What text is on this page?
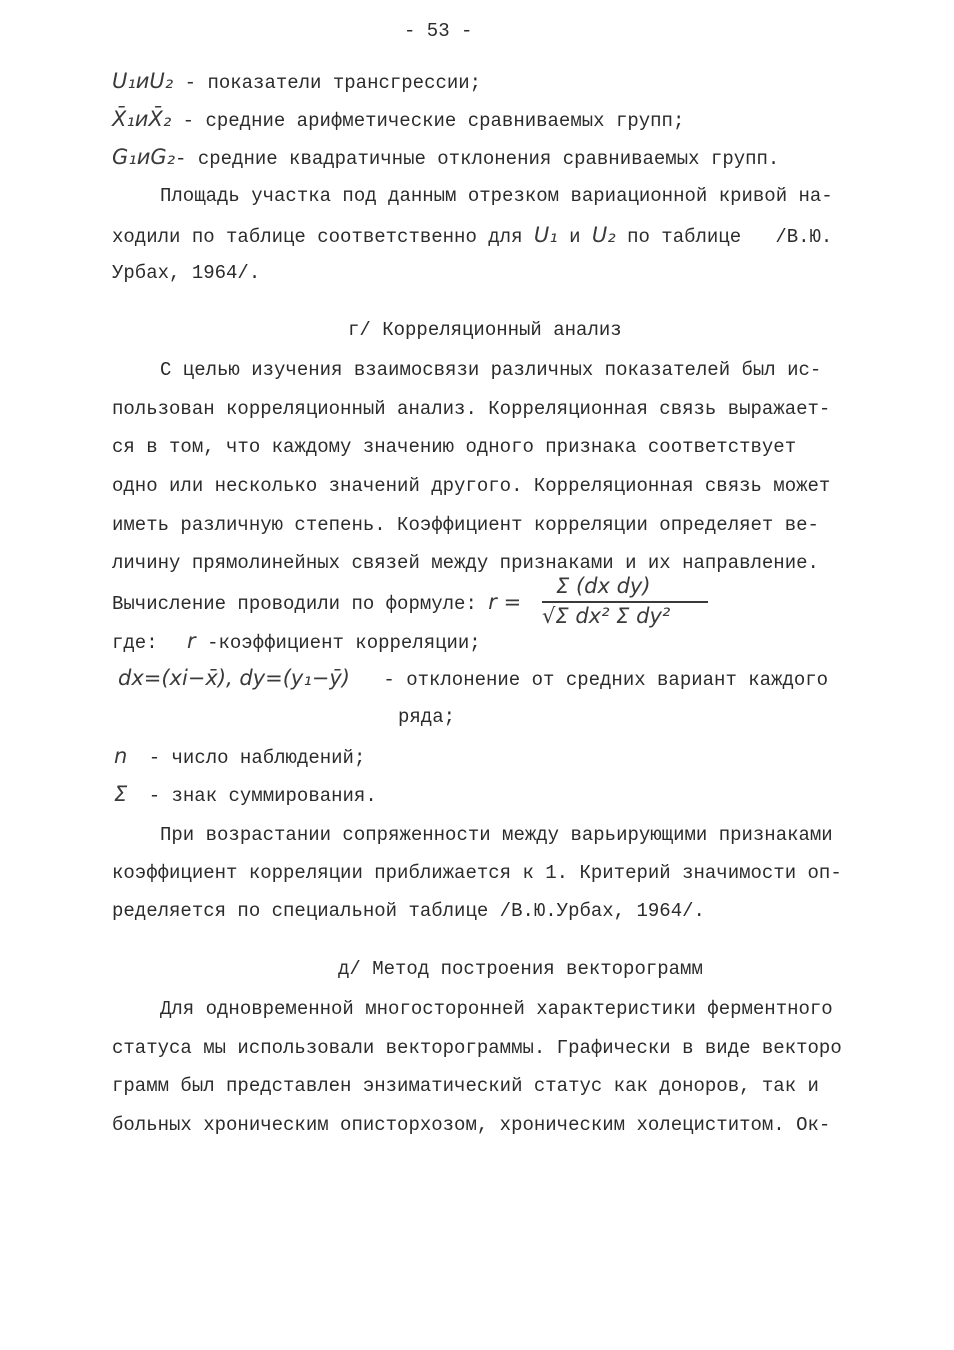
- 53 -
U₁иU₂ - показатели трансгрессии;
X̄₁иX̄₂ - средние арифметические сравниваемых групп;
G₁иG₂- средние квадратичные отклонения сравниваемых групп.
Площадь участка под данным отрезком вариационной кривой на-
ходили по таблице соответственно для U₁ и U₂ по таблице   /В.Ю.
Урбах, 1964/.
г/ Корреляционный анализ
С целью изучения взаимосвязи различных показателей был ис-
пользован корреляционный анализ. Корреляционная связь выражает-
ся в том, что каждому значению одного признака соответствует
одно или несколько значений другого. Корреляционная связь может
иметь различную степень. Коэффициент корреляции определяет ве-
личину прямолинейных связей между признаками и их направление.
Вычисление проводили по формуле: r =
Σ (dx dy)
√Σ dx² Σ dy²
где: r -коэффициент корреляции;
dx=(xi−x̄), dy=(y₁−ȳ) - отклонение от средних вариант каждого
ряда;
n - число наблюдений;
Σ - знак суммирования.
При возрастании сопряженности между варьирующими признаками
коэффициент корреляции приближается к 1. Критерий значимости оп-
ределяется по специальной таблице /В.Ю.Урбах, 1964/.
д/ Метод построения векторограмм
Для одновременной многосторонней характеристики ферментного
статуса мы использовали векторограммы. Графически в виде векторо
грамм был представлен энзиматический статус как доноров, так и
больных хроническим описторхозом, хроническим холециститом. Ок-
